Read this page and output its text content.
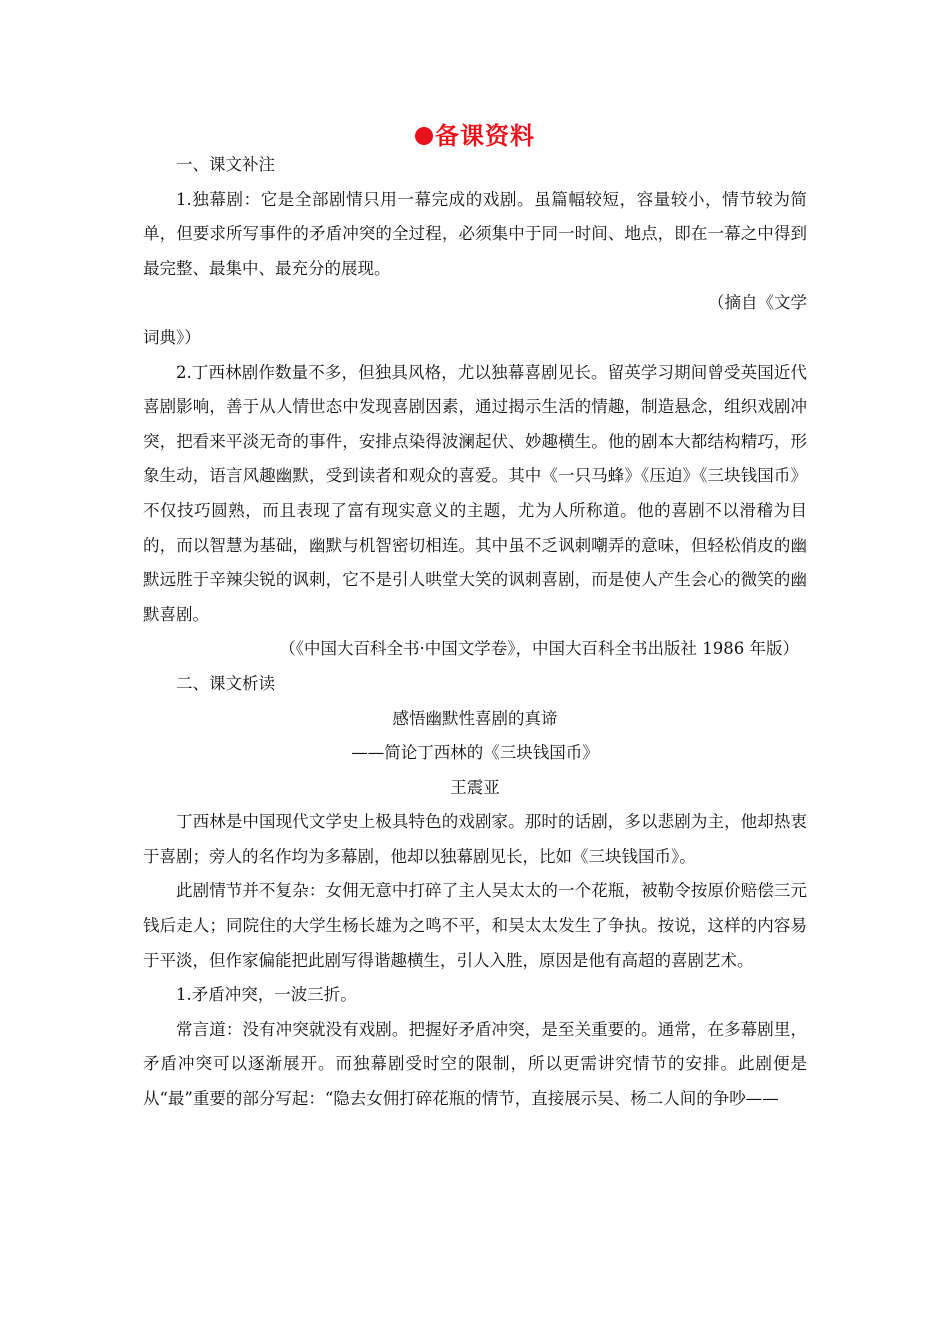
备课资料

一、课文补注

1.独幕剧：它是全部剧情只用一幕完成的戏剧。虽篇幅较短，容量较小，情节较为简单，但要求所写事件的矛盾冲突的全过程，必须集中于同一时间、地点，即在一幕之中得到最完整、最集中、最充分的展现。

（摘自《文学

词典》）

2.丁西林剧作数量不多，但独具风格，尤以独幕喜剧见长。留英学习期间曾受英国近代喜剧影响，善于从人情世态中发现喜剧因素，通过揭示生活的情趣，制造悬念，组织戏剧冲突，把看来平淡无奇的事件，安排点染得波澜起伏、妙趣横生。他的剧本大都结构精巧，形象生动，语言风趣幽默，受到读者和观众的喜爱。其中《一只马蜂》《压迫》《三块钱国币》不仅技巧圆熟，而且表现了富有现实意义的主题，尤为人所称道。他的喜剧不以滑稽为目的，而以智慧为基础，幽默与机智密切相连。其中虽不乏讽刺嘲弄的意味，但轻松俏皮的幽默远胜于辛辣尖锐的讽刺，它不是引人哄堂大笑的讽刺喜剧，而是使人产生会心的微笑的幽默喜剧。

（《中国大百科全书·中国文学卷》，中国大百科全书出版社 1986 年版）

二、课文析读

感悟幽默性喜剧的真谛

——简论丁西林的《三块钱国币》

王震亚

丁西林是中国现代文学史上极具特色的戏剧家。那时的话剧，多以悲剧为主，他却热衷于喜剧；旁人的名作均为多幕剧，他却以独幕剧见长，比如《三块钱国币》。

此剧情节并不复杂：女佣无意中打碎了主人吴太太的一个花瓶，被勒令按原价赔偿三元钱后走人；同院住的大学生杨长雄为之鸣不平，和吴太太发生了争执。按说，这样的内容易于平淡，但作家偏能把此剧写得谐趣横生，引人入胜，原因是他有高超的喜剧艺术。

1.矛盾冲突，一波三折。

常言道：没有冲突就没有戏剧。把握好矛盾冲突，是至关重要的。通常，在多幕剧里，矛盾冲突可以逐渐展开。而独幕剧受时空的限制，所以更需讲究情节的安排。此剧便是从“最”重要的部分写起：“隐去女佣打碎花瓶的情节，直接展示吴、杨二人间的争吵——
